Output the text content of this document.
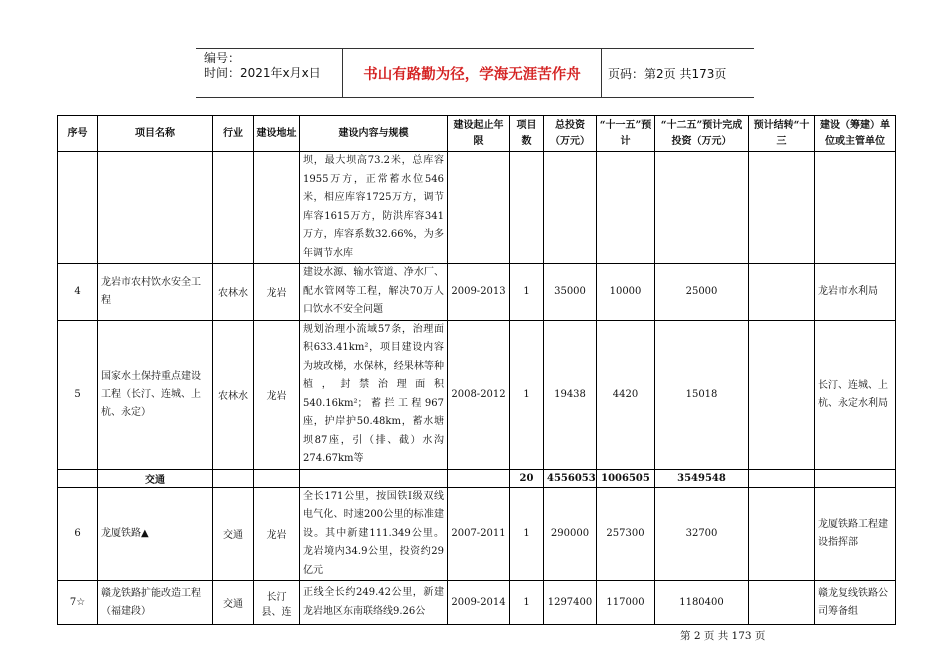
编号：
时间：2021年x月x日	书山有路勤为径，学海无涯苦作舟	页码：第2页 共173页
序号	项目名称	行业	建设地址	建设内容与规模	建设起止年限	项目数	总投资（万元）	“十一五”预计	“十二五”预计完成投资（万元）	预计结转“十三	建设（筹建）单位或主管单位
				坝，最大坝高73.2米，总库容1955万方，正常蓄水位546米，相应库容1725万方，调节库容1615万方，防洪库容341万方，库容系数32.66%，为多年调节水库							
4	龙岩市农村饮水安全工程	农林水	龙岩	建设水源、输水管道、净水厂、配水管网等工程，解决70万人口饮水不安全问题	2009-2013	1	35000	10000	25000		龙岩市水利局
5	国家水土保持重点建设工程（长汀、连城、上杭、永定）	农林水	龙岩	规划治理小流域57条，治理面积633.41km²，项目建设内容为坡改梯，水保林，经果林等种植，封禁治理面积540.16km²；蓄拦工程967座，护岸护50.48km，蓄水塘坝87座，引（排、截）水沟274.67km等	2008-2012	1	19438	4420	15018		长汀、连城、上杭、永定水利局
	交通					20	4556053	1006505	3549548		
6	龙厦铁路▲	交通	龙岩	全长171公里，按国铁Ⅰ级双线电气化、时速200公里的标准建设。其中新建111.349公里。龙岩境内34.9公里，投资约29亿元	2007-2011	1	290000	257300	32700		龙厦铁路工程建设指挥部
7☆	赣龙铁路扩能改造工程（福建段）	交通	长汀县、连	正线全长约249.42公里，新建龙岩地区东南联络线9.26公	2009-2014	1	1297400	117000	1180400		赣龙复线铁路公司筹备组
第 2 页 共 173 页
